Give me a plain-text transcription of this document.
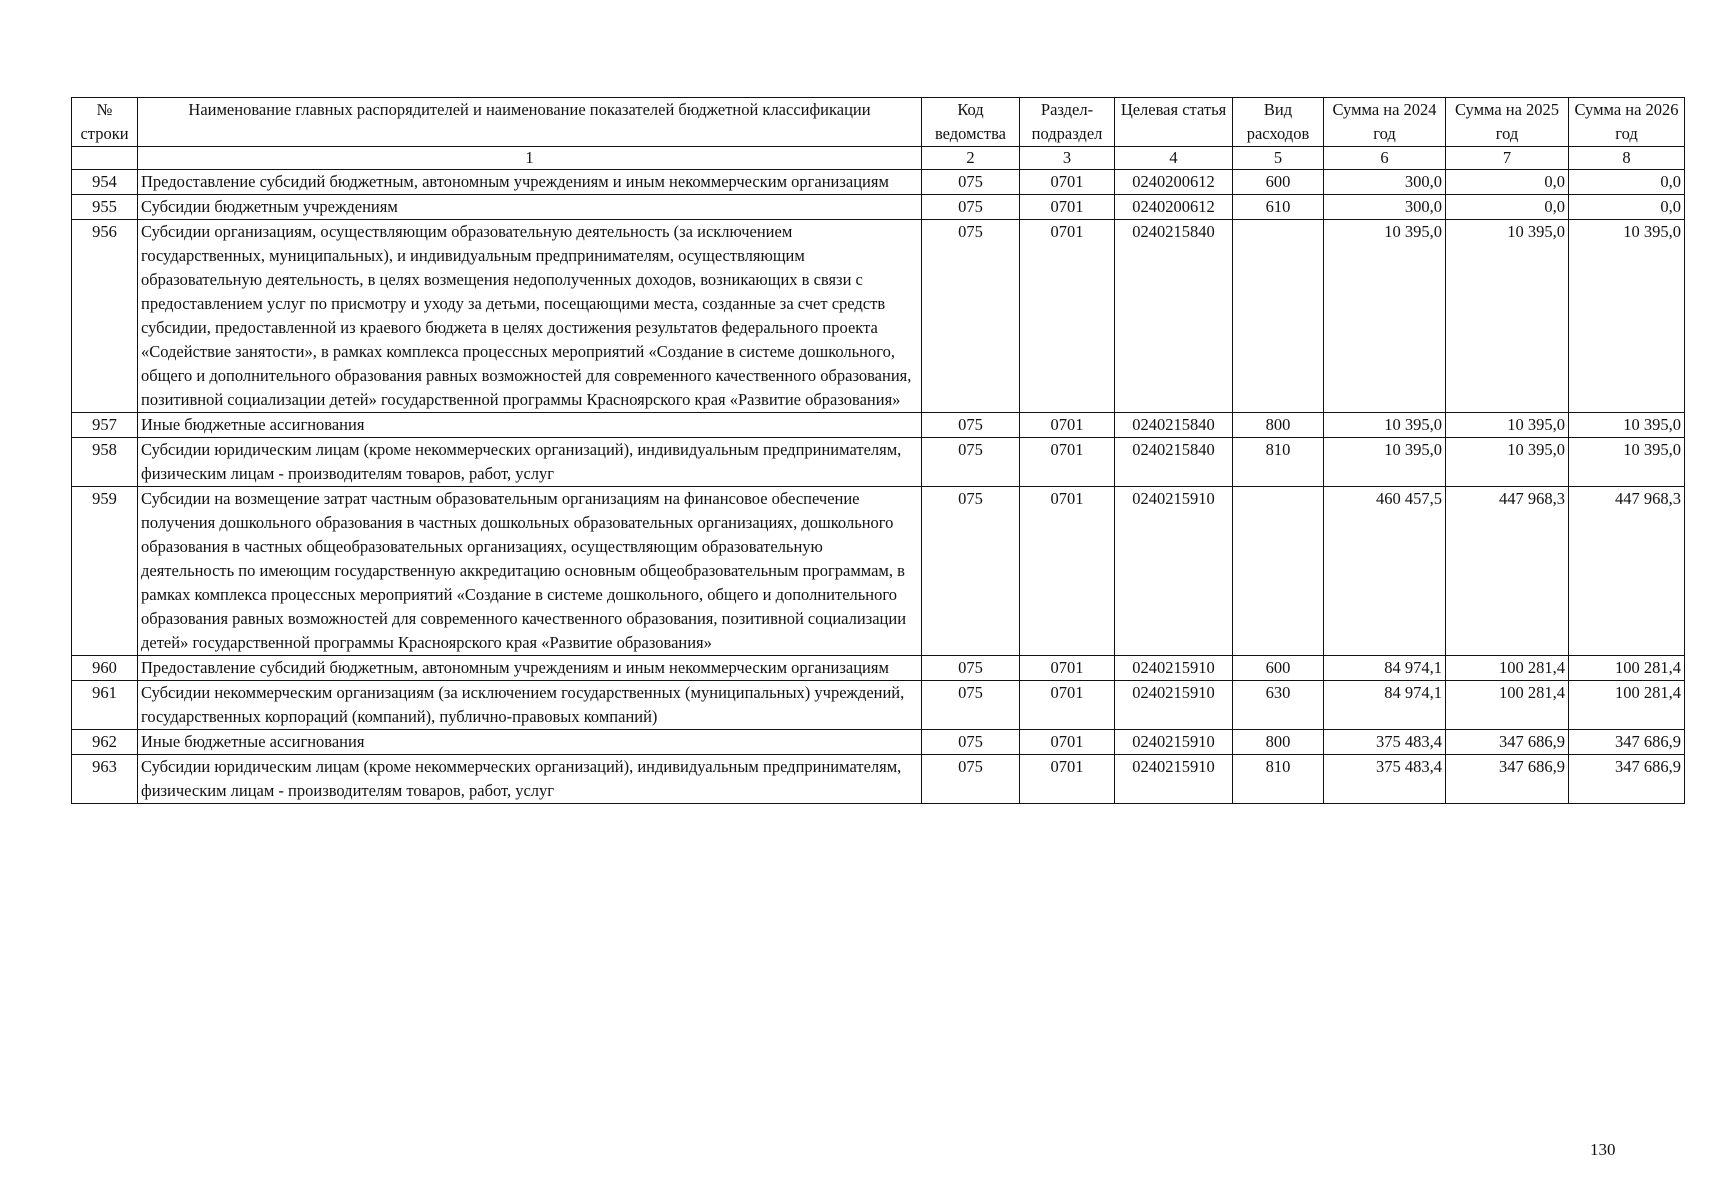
№ строки	Наименование главных распорядителей и наименование показателей бюджетной классификации	Код ведомства	Раздел-подраздел	Целевая статья	Вид расходов	Сумма на 2024 год	Сумма на 2025 год	Сумма на 2026 год
	1	2	3	4	5	6	7	8
954	Предоставление субсидий бюджетным, автономным учреждениям и иным некоммерческим организациям	075	0701	0240200612	600	300,0	0,0	0,0
955	Субсидии бюджетным учреждениям	075	0701	0240200612	610	300,0	0,0	0,0
956	Субсидии организациям, осуществляющим образовательную деятельность (за исключением государственных, муниципальных), и индивидуальным предпринимателям, осуществляющим образовательную деятельность, в целях возмещения недополученных доходов, возникающих в связи с предоставлением услуг по присмотру и уходу за детьми, посещающими места, созданные за счет средств субсидии, предоставленной из краевого бюджета в целях достижения результатов федерального проекта «Содействие занятости», в рамках комплекса процессных мероприятий «Создание в системе дошкольного, общего и дополнительного образования равных возможностей для современного качественного образования, позитивной социализации детей» государственной программы Красноярского края «Развитие образования»	075	0701	0240215840		10 395,0	10 395,0	10 395,0
957	Иные бюджетные ассигнования	075	0701	0240215840	800	10 395,0	10 395,0	10 395,0
958	Субсидии юридическим лицам (кроме некоммерческих организаций), индивидуальным предпринимателям, физическим лицам - производителям товаров, работ, услуг	075	0701	0240215840	810	10 395,0	10 395,0	10 395,0
959	Субсидии на возмещение затрат частным образовательным организациям на финансовое обеспечение получения дошкольного образования в частных дошкольных образовательных организациях, дошкольного образования в частных общеобразовательных организациях, осуществляющим образовательную деятельность по имеющим государственную аккредитацию основным общеобразовательным программам, в рамках комплекса процессных мероприятий «Создание в системе дошкольного, общего и дополнительного образования равных возможностей для современного качественного образования, позитивной социализации детей» государственной программы Красноярского края «Развитие образования»	075	0701	0240215910		460 457,5	447 968,3	447 968,3
960	Предоставление субсидий бюджетным, автономным учреждениям и иным некоммерческим организациям	075	0701	0240215910	600	84 974,1	100 281,4	100 281,4
961	Субсидии некоммерческим организациям (за исключением государственных (муниципальных) учреждений, государственных корпораций (компаний), публично-правовых компаний)	075	0701	0240215910	630	84 974,1	100 281,4	100 281,4
962	Иные бюджетные ассигнования	075	0701	0240215910	800	375 483,4	347 686,9	347 686,9
963	Субсидии юридическим лицам (кроме некоммерческих организаций), индивидуальным предпринимателям, физическим лицам - производителям товаров, работ, услуг	075	0701	0240215910	810	375 483,4	347 686,9	347 686,9
130
